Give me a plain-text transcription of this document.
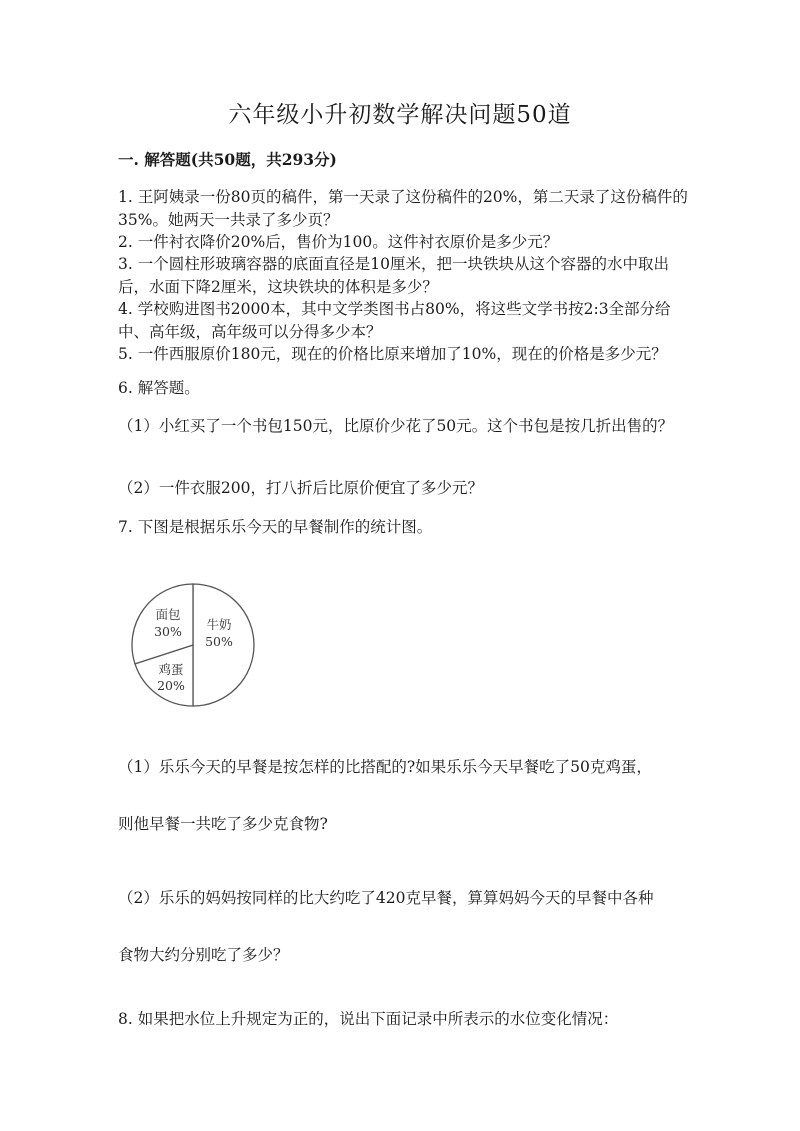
六年级小升初数学解决问题50道
一. 解答题(共50题，共293分)
1. 王阿姨录一份80页的稿件，第一天录了这份稿件的20%，第二天录了这份稿件的35%。她两天一共录了多少页？
2. 一件衬衣降价20%后，售价为100。这件衬衣原价是多少元？
3. 一个圆柱形玻璃容器的底面直径是10厘米，把一块铁块从这个容器的水中取出后，水面下降2厘米，这块铁块的体积是多少？
4. 学校购进图书2000本，其中文学类图书占80%，将这些文学书按2:3全部分给中、高年级，高年级可以分得多少本？
5. 一件西服原价180元，现在的价格比原来增加了10%，现在的价格是多少元？
6. 解答题。
（1）小红买了一个书包150元，比原价少花了50元。这个书包是按几折出售的？
（2）一件衣服200，打八折后比原价便宜了多少元？
7. 下图是根据乐乐今天的早餐制作的统计图。
牛奶
50%
面包
30%
鸡蛋
20%
（1）乐乐今天的早餐是按怎样的比搭配的?如果乐乐今天早餐吃了50克鸡蛋，
则他早餐一共吃了多少克食物?
（2）乐乐的妈妈按同样的比大约吃了420克早餐，算算妈妈今天的早餐中各种
食物大约分别吃了多少？
8. 如果把水位上升规定为正的，说出下面记录中所表示的水位变化情况：
